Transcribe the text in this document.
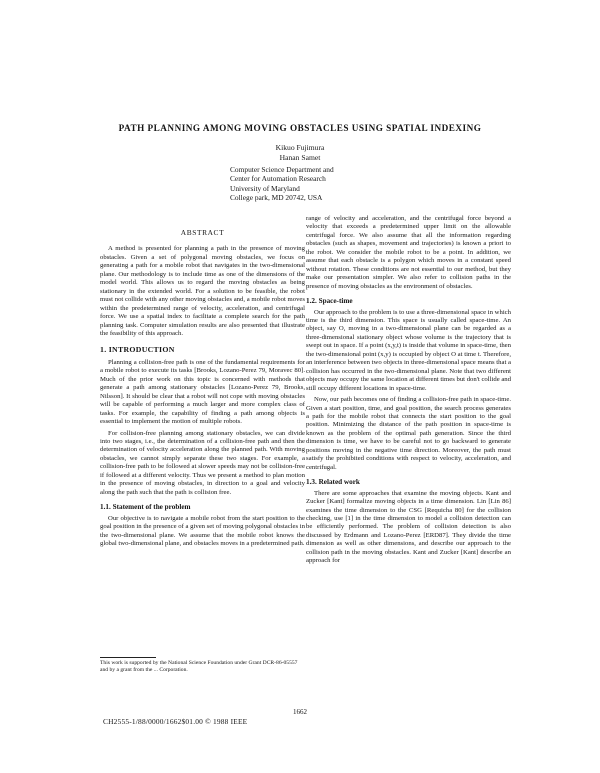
PATH PLANNING AMONG MOVING OBSTACLES USING SPATIAL INDEXING
Kikuo Fujimura
Hanan Samet
Computer Science Department and
Center for Automation Research
University of Maryland
College park, MD 20742, USA
ABSTRACT

A method is presented for planning a path in the presence of moving obstacles. Given a set of polygonal moving obstacles, we focus on generating a path for a mobile robot that navigates in the two-dimensional plane. Our methodology is to include time as one of the dimensions of the model world. This allows us to regard the moving obstacles as being stationary in the extended world. For a solution to be feasible, the robot must not collide with any other moving obstacles and, a mobile robot moves within the predetermined range of velocity, acceleration, and centrifugal force. We use a spatial index to facilitate a complete search for the path planning task. Computer simulation results are also presented that illustrate the feasibility of this approach.

1. INTRODUCTION

Planning a collision-free path is one of the fundamental requirements for a mobile robot to execute its tasks [Brooks, Lozano-Perez 79, Moravec 80]. Much of the prior work on this topic is concerned with methods that generate a path among stationary obstacles [Lozano-Perez 79, Brooks, Nilsson]. It should be clear that a robot will not cope with moving obstacles will be capable of performing a much larger and more complex class of tasks. For example, the capability of finding a path among objects is essential to implement the motion of multiple robots.

For collision-free planning among stationary obstacles, we can divide into two stages, i.e., the determination of a collision-free path and then the determination of velocity acceleration along the planned path. With moving obstacles, we cannot simply separate these two stages. For example, a collision-free path to be followed at slower speeds may not be collision-free if followed at a different velocity. Thus we present a method to plan motion in the presence of moving obstacles, in direction to a goal and velocity along the path such that the path is collision free.

1.1. Statement of the problem

Our objective is to navigate a mobile robot from the start position to the goal position in the presence of a given set of moving polygonal obstacles in the two-dimensional plane. We assume that the mobile robot knows the global two-dimensional plane, and obstacles moves in a predetermined path.

range of velocity and acceleration, and the centrifugal force beyond a velocity that exceeds a predetermined upper limit on the allowable centrifugal force. We also assume that all the information regarding obstacles (such as shapes, movement and trajectories) is known a priori to the robot. We consider the mobile robot to be a point. In addition, we assume that each obstacle is a polygon which moves in a constant speed without rotation. These conditions are not essential to our method, but they make our presentation simpler. We also refer to collision paths in the presence of moving obstacles as the environment of obstacles.

1.2. Space-time

Our approach to the problem is to use a three-dimensional space in which time is the third dimension. This space is usually called space-time. An object, say O, moving in a two-dimensional plane can be regarded as a three-dimensional stationary object whose volume is the trajectory that is swept out in space. If a point (x,y,t) is inside that volume in space-time, then the two-dimensional point (x,y) is occupied by object O at time t. Therefore, an interference between two objects in three-dimensional space means that a collision has occurred in the two-dimensional plane. Note that two different objects may occupy the same location at different times but don't collide and still occupy different locations in space-time.

Now, our path becomes one of finding a collision-free path in space-time. Given a start position, time, and goal position, the search process generates a path for the mobile robot that connects the start position to the goal position. Minimizing the distance of the path position in space-time is known as the problem of the optimal path generation. Since the third dimension is time, we have to be careful not to go backward to generate positions moving in the negative time direction. Moreover, the path must satisfy the prohibited conditions with respect to velocity, acceleration, and centrifugal.

1.3. Related work

There are some approaches that examine the moving objects. Kant and Zucker [Kant] formalize moving objects in a time dimension. Lin [Lin 86] examines the time dimension to the CSG [Requicha 80] for the collision checking, use [1] in the time dimension to model a collision detection can be efficiently performed. The problem of collision detection is also discussed by Erdmann and Lozano-Perez [ERD87]. They divide the time dimension as well as other dimensions, and describe our approach to the collision path in the moving obstacles. Kant and Zucker [Kant] describe an approach for

This work is supported by the National Science Foundation under Grant DCR-86-05557 and by a grant from the ... Corporation.
1662
CH2555-1/88/0000/1662$01.00 © 1988 IEEE
